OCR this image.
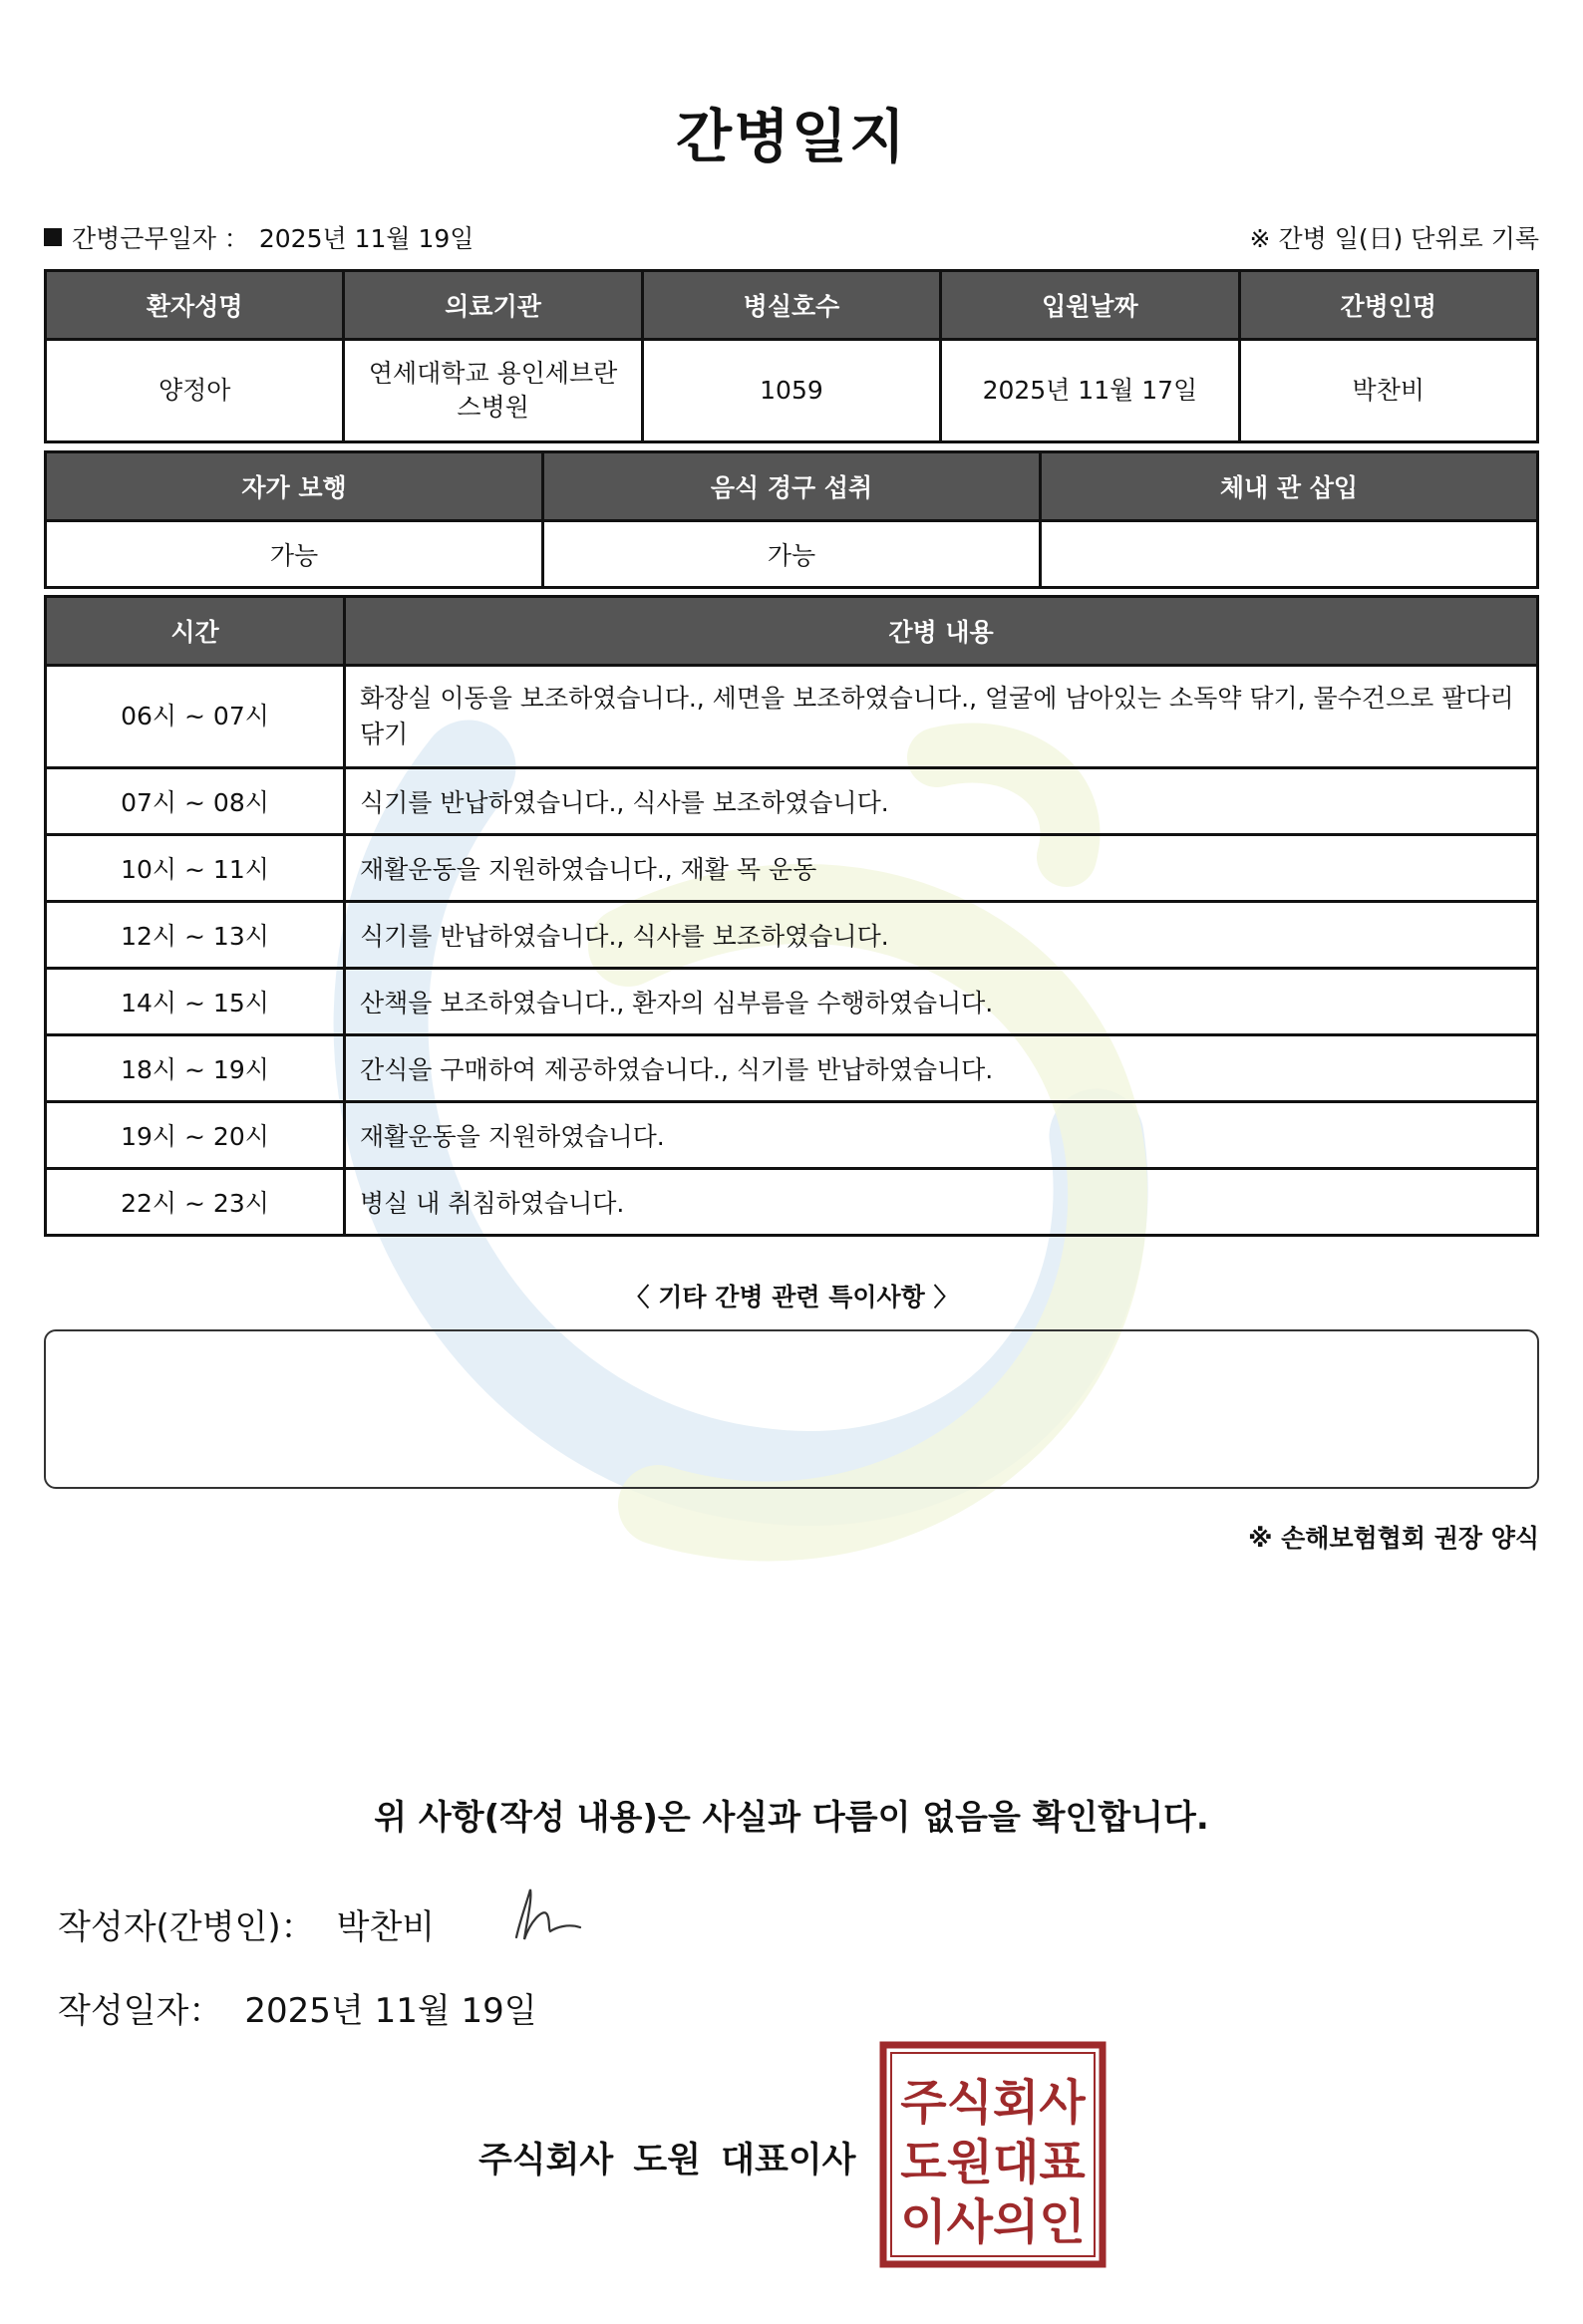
간병일지
간병근무일자 ： 2025년 11월 19일	※ 간병 일(日) 단위로 기록
환자성명	의료기관	병실호수	입원날짜	간병인명
양정아	연세대학교 용인세브란스병원	1059	2025년 11월 17일	박찬비
자가 보행	음식 경구 섭취	체내 관 삽입
가능	가능	
시간	간병 내용
06시 ~ 07시	화장실 이동을 보조하였습니다., 세면을 보조하였습니다., 얼굴에 남아있는 소독약 닦기, 물수건으로 팔다리 닦기
07시 ~ 08시	식기를 반납하였습니다., 식사를 보조하였습니다.
10시 ~ 11시	재활운동을 지원하였습니다., 재활 목 운동
12시 ~ 13시	식기를 반납하였습니다., 식사를 보조하였습니다.
14시 ~ 15시	산책을 보조하였습니다., 환자의 심부름을 수행하였습니다.
18시 ~ 19시	간식을 구매하여 제공하였습니다., 식기를 반납하였습니다.
19시 ~ 20시	재활운동을 지원하였습니다.
22시 ~ 23시	병실 내 취침하였습니다.
〈 기타 간병 관련 특이사항 〉
※ 손해보험협회 권장 양식
위 사항(작성 내용)은 사실과 다름이 없음을 확인합니다.
작성자(간병인)： 박찬비
작성일자： 2025년 11월 19일
주식회사 도원 대표이사
주식회사
도원대표
이사의인
